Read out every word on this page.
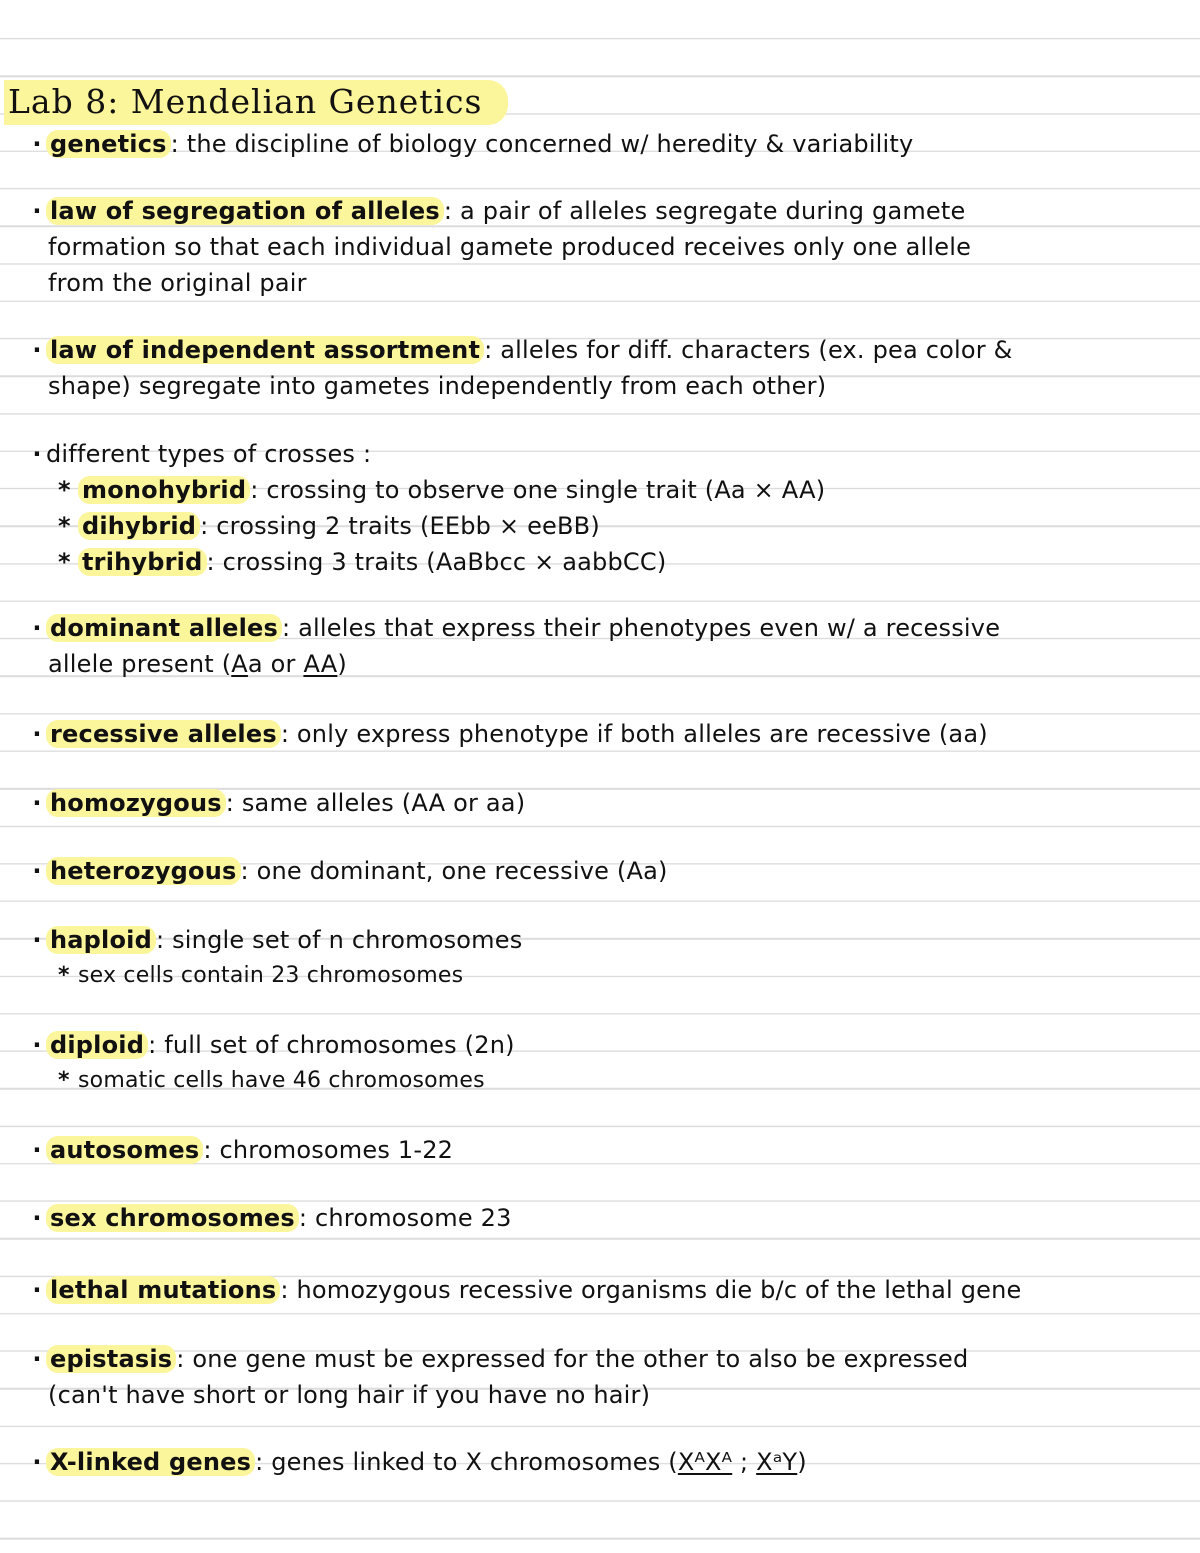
Lab 8: Mendelian Genetics

· genetics : the discipline of biology concerned w/ heredity & variability

· law of segregation of alleles : a pair of alleles segregate during gamete
formation so that each individual gamete produced receives only one allele
from the original pair

· law of independent assortment : alleles for diff. characters (ex. pea color &
shape) segregate into gametes independently from each other)

· different types of crosses :
* monohybrid : crossing to observe one single trait (Aa × AA)
* dihybrid : crossing 2 traits (EEbb × eeBB)
* trihybrid : crossing 3 traits (AaBbcc × aabbCC)

· dominant alleles : alleles that express their phenotypes even w/ a recessive
allele present (Aa or AA)

· recessive alleles : only express phenotype if both alleles are recessive (aa)

· homozygous : same alleles (AA or aa)

· heterozygous : one dominant, one recessive (Aa)

· haploid : single set of n chromosomes
* sex cells contain 23 chromosomes

· diploid : full set of chromosomes (2n)
* somatic cells have 46 chromosomes

· autosomes : chromosomes 1-22

· sex chromosomes : chromosome 23

· lethal mutations : homozygous recessive organisms die b/c of the lethal gene

· epistasis : one gene must be expressed for the other to also be expressed
(can't have short or long hair if you have no hair)

· X-linked genes : genes linked to X chromosomes (XᴬXᴬ ; XᵃY)
